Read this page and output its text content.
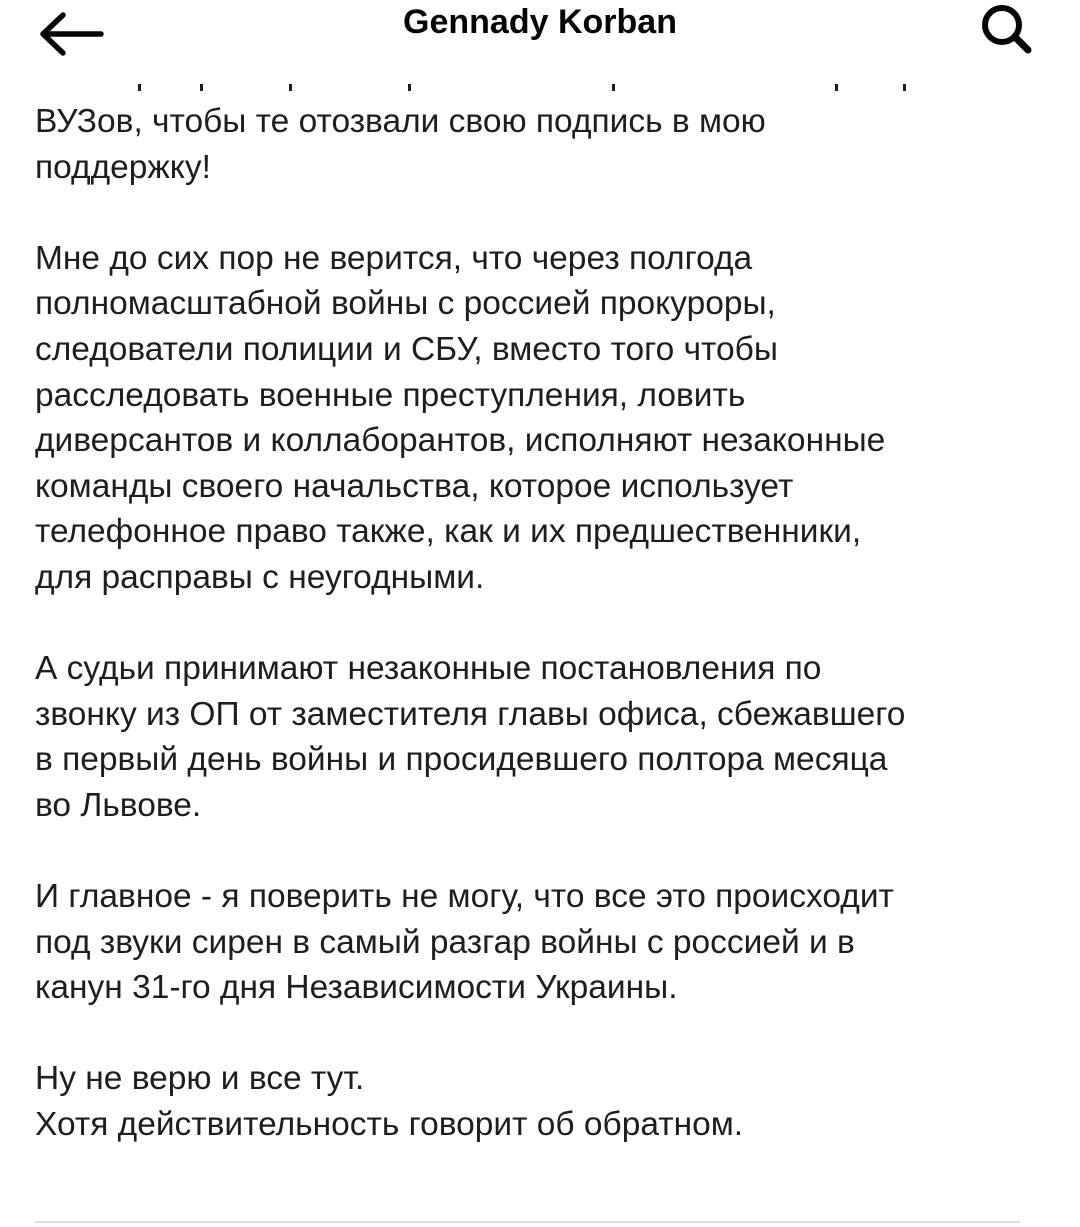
Gennady Korban

ВУЗов, чтобы те отозвали свою подпись в мою
поддержку!

Мне до сих пор не верится, что через полгода
полномасштабной войны с россией прокуроры,
следователи полиции и СБУ, вместо того чтобы
расследовать военные преступления, ловить
диверсантов и коллаборантов, исполняют незаконные
команды своего начальства, которое использует
телефонное право также, как и их предшественники,
для расправы с неугодными.

А судьи принимают незаконные постановления по
звонку из ОП от заместителя главы офиса, сбежавшего
в первый день войны и просидевшего полтора месяца
во Львове.

И главное - я поверить не могу, что все это происходит
под звуки сирен в самый разгар войны с россией и в
канун 31-го дня Независимости Украины.

Ну не верю и все тут.
Хотя действительность говорит об обратном.
